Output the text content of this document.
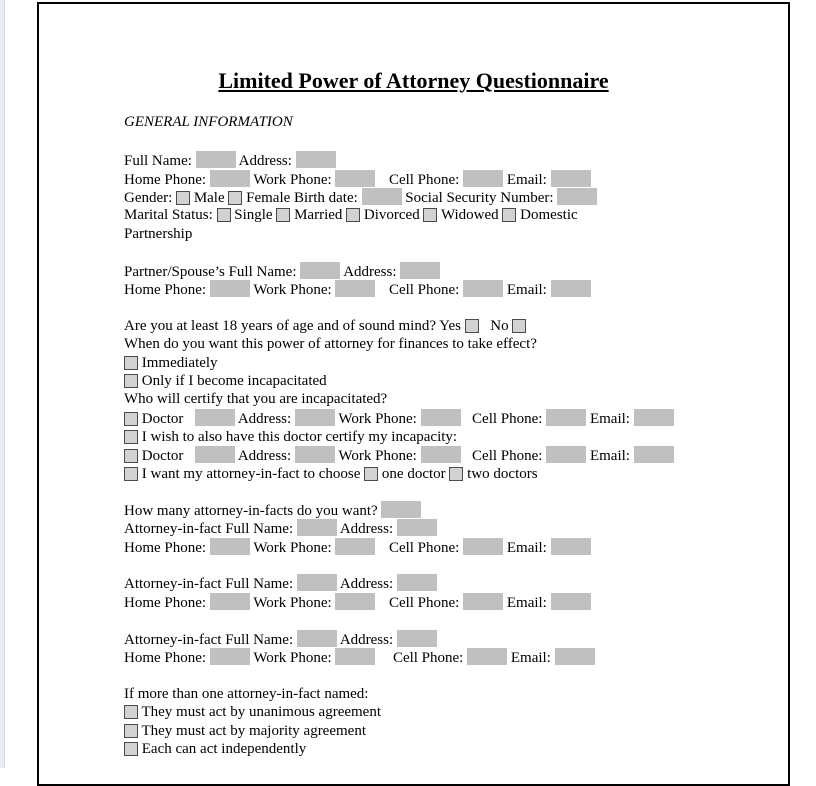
Limited Power of Attorney Questionnaire
GENERAL INFORMATION
Full Name:	Address:
Home Phone:	Work Phone:	Cell Phone:	Email:
Gender: Male Female Birth date:	Social Security Number:
Marital Status: Single Married Divorced Widowed Domestic
Partnership
Partner/Spouse’s Full Name:	Address:
Home Phone:	Work Phone:	Cell Phone:	Email:
Are you at least 18 years of age and of sound mind? Yes No
When do you want this power of attorney for finances to take effect?
Immediately
Only if I become incapacitated
Who will certify that you are incapacitated?
Doctor	Address:	Work Phone:	Cell Phone:	Email:
I wish to also have this doctor certify my incapacity:
Doctor	Address:	Work Phone:	Cell Phone:	Email:
I want my attorney-in-fact to choose one doctor two doctors
How many attorney-in-facts do you want?
Attorney-in-fact Full Name:	Address:
Home Phone:	Work Phone:	Cell Phone:	Email:
Attorney-in-fact Full Name:	Address:
Home Phone:	Work Phone:	Cell Phone:	Email:
Attorney-in-fact Full Name:	Address:
Home Phone:	Work Phone:	Cell Phone:	Email:
If more than one attorney-in-fact named:
They must act by unanimous agreement
They must act by majority agreement
Each can act independently
